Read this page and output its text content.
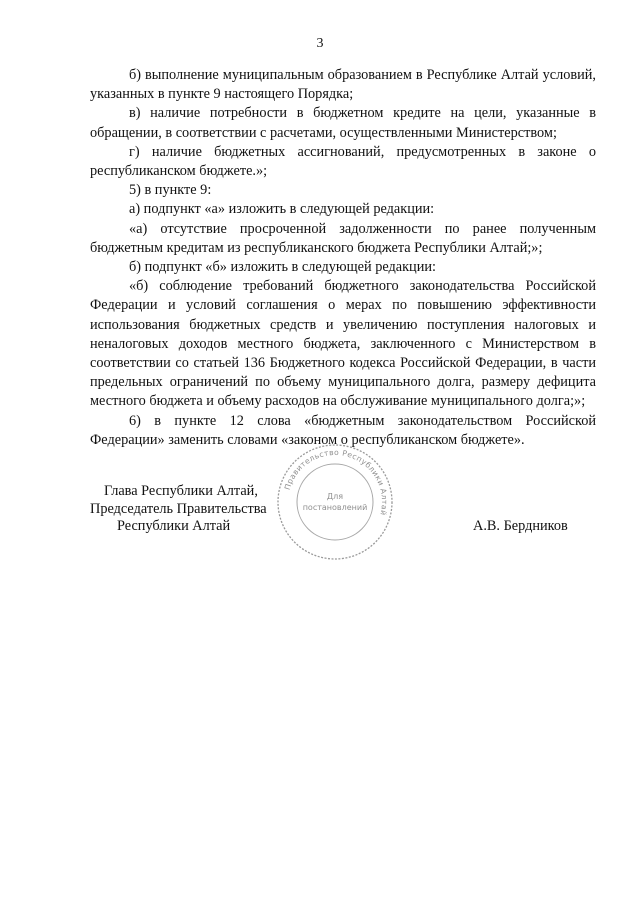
3

б) выполнение муниципальным образованием в Республике Алтай условий, указанных в пункте 9 настоящего Порядка;

в) наличие потребности в бюджетном кредите на цели, указанные в обращении, в соответствии с расчетами, осуществленными Министерством;

г) наличие бюджетных ассигнований, предусмотренных в законе о республиканском бюджете.»;

5) в пункте 9:

а) подпункт «а» изложить в следующей редакции:

«а) отсутствие просроченной задолженности по ранее полученным бюджетным кредитам из республиканского бюджета Республики Алтай;»;

б) подпункт «б» изложить в следующей редакции:

«б) соблюдение требований бюджетного законодательства Российской Федерации и условий соглашения о мерах по повышению эффективности использования бюджетных средств и увеличению поступления налоговых и неналоговых доходов местного бюджета, заключенного с Министерством в соответствии со статьей 136 Бюджетного кодекса Российской Федерации, в части предельных ограничений по объему муниципального долга, размеру дефицита местного бюджета и объему расходов на обслуживание муниципального долга;»;

6) в пункте 12 слова «бюджетным законодательством Российской Федерации» заменить словами «законом о республиканском бюджете».

Правительство Республики Алтай
Для
постановлений
Глава Республики Алтай,
Председатель Правительства
Республики Алтай	А.В. Бердников
